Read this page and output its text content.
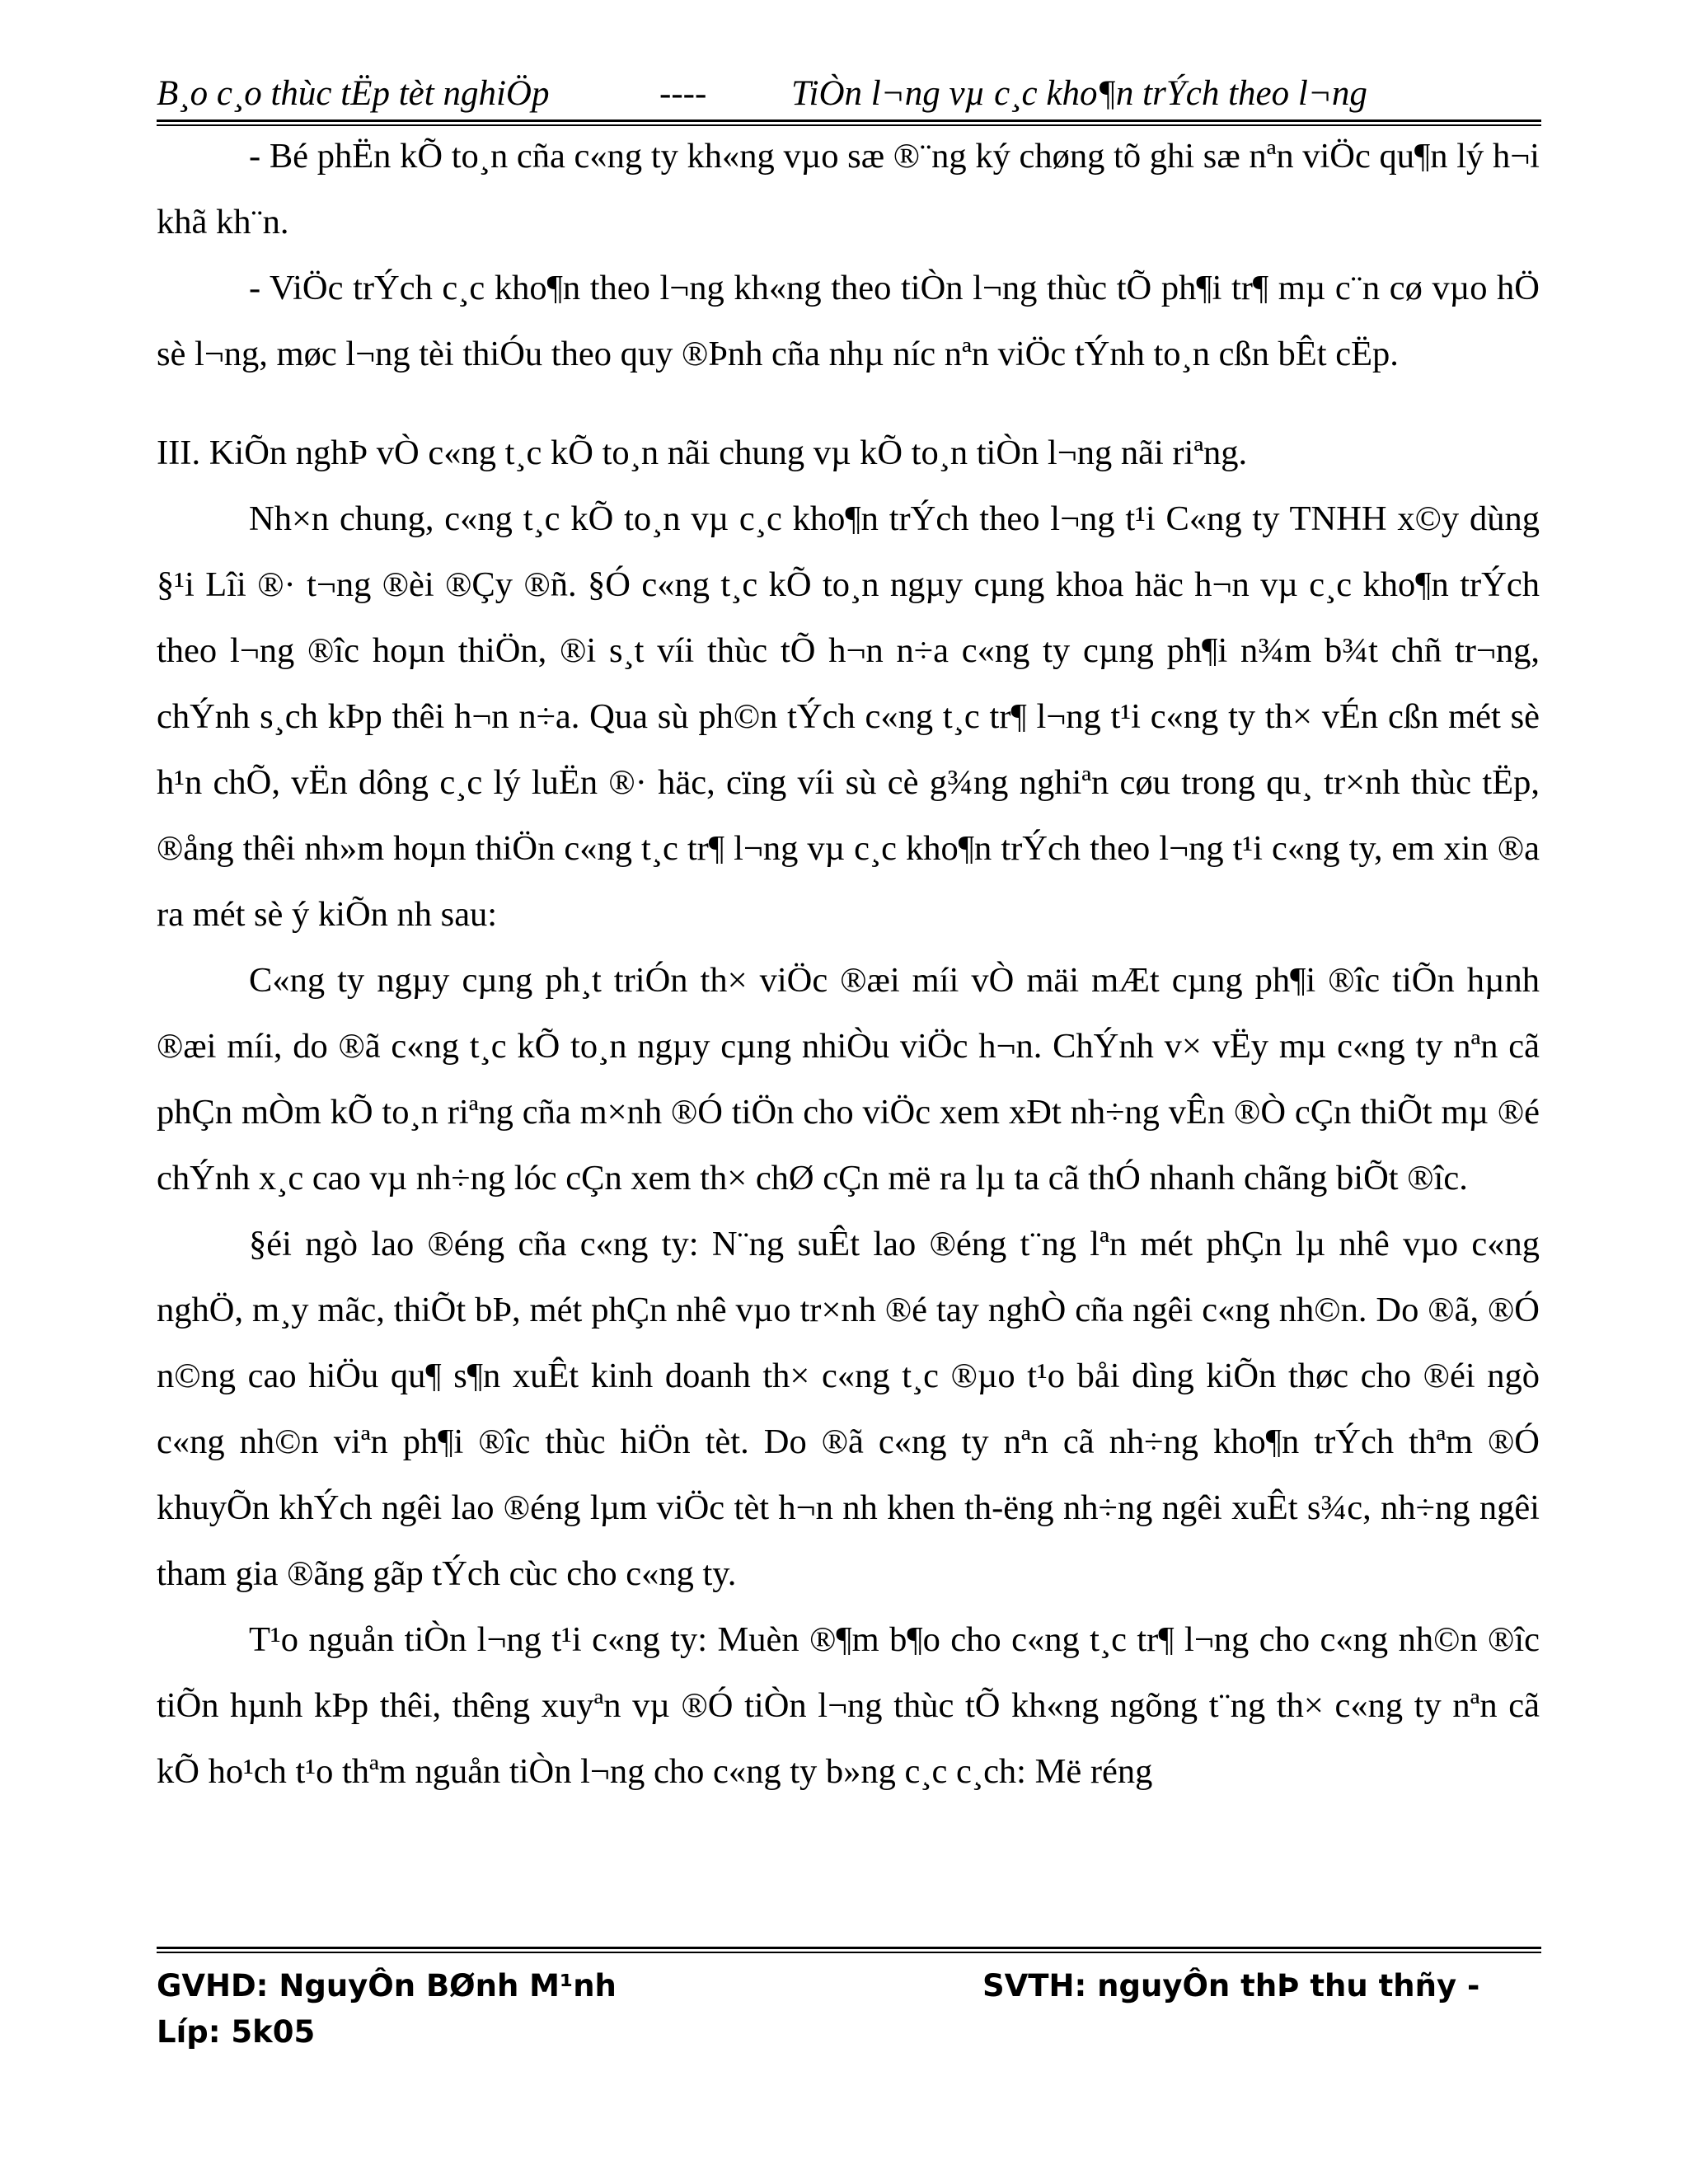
B¸o c¸o thùc tËp tèt nghiÖp	---- TiÒn l¬ng vµ c¸c kho¶n trÝch theo l¬ng

- Bé phËn kÕ to¸n cña c«ng ty kh«ng vµo sæ ®¨ng ký chøng tõ ghi sæ nªn viÖc qu¶n lý h¬i khã kh¨n.

- ViÖc trÝch c¸c kho¶n theo l¬ng kh«ng theo tiÒn l¬ng thùc tÕ ph¶i tr¶ mµ c¨n cø vµo hÖ sè l¬ng, møc l¬ng tèi thiÓu theo quy ®Þnh cña nhµ níc nªn viÖc tÝnh to¸n cßn bÊt cËp.

III. KiÕn nghÞ vÒ c«ng t¸c kÕ to¸n nãi chung vµ kÕ to¸n tiÒn l¬ng nãi riªng.

Nh×n chung, c«ng t¸c kÕ to¸n vµ c¸c kho¶n trÝch theo l¬ng t¹i C«ng ty TNHH x©y dùng §¹i Lîi ®· t¬ng ®èi ®Çy ®ñ. §Ó c«ng t¸c kÕ to¸n ngµy cµng khoa häc h¬n vµ c¸c kho¶n trÝch theo l¬ng ®îc hoµn thiÖn, ®i s¸t víi thùc tÕ h¬n n÷a c«ng ty cµng ph¶i n¾m b¾t chñ tr¬ng, chÝnh s¸ch kÞp thêi h¬n n÷a. Qua sù ph©n tÝch c«ng t¸c tr¶ l¬ng t¹i c«ng ty th× vÉn cßn mét sè h¹n chÕ, vËn dông c¸c lý luËn ®· häc, cïng víi sù cè g¾ng nghiªn cøu trong qu¸ tr×nh thùc tËp, ®ång thêi nh»m hoµn thiÖn c«ng t¸c tr¶ l¬ng vµ c¸c kho¶n trÝch theo l¬ng t¹i c«ng ty, em xin ®a ra mét sè ý kiÕn nh sau:

C«ng ty ngµy cµng ph¸t triÓn th× viÖc ®æi míi vÒ mäi mÆt cµng ph¶i ®îc tiÕn hµnh ®æi míi, do ®ã c«ng t¸c kÕ to¸n ngµy cµng nhiÒu viÖc h¬n. ChÝnh v× vËy mµ c«ng ty nªn cã phÇn mÒm kÕ to¸n riªng cña m×nh ®Ó tiÖn cho viÖc xem xÐt nh÷ng vÊn ®Ò cÇn thiÕt mµ ®é chÝnh x¸c cao vµ nh÷ng lóc cÇn xem th× chØ cÇn më ra lµ ta cã thÓ nhanh chãng biÕt ®îc.

§éi ngò lao ®éng cña c«ng ty: N¨ng suÊt lao ®éng t¨ng lªn mét phÇn lµ nhê vµo c«ng nghÖ, m¸y mãc, thiÕt bÞ, mét phÇn nhê vµo tr×nh ®é tay nghÒ cña ngêi c«ng nh©n. Do ®ã, ®Ó n©ng cao hiÖu qu¶ s¶n xuÊt kinh doanh th× c«ng t¸c ®µo t¹o båi dìng kiÕn thøc cho ®éi ngò c«ng nh©n viªn ph¶i ®îc thùc hiÖn tèt. Do ®ã c«ng ty nªn cã nh÷ng kho¶n trÝch thªm ®Ó khuyÕn khÝch ngêi lao ®éng lµm viÖc tèt h¬n nh khen th-ëng nh÷ng ngêi xuÊt s¾c, nh÷ng ngêi tham gia ®ãng gãp tÝch cùc cho c«ng ty.

T¹o nguån tiÒn l¬ng t¹i c«ng ty: Muèn ®¶m b¶o cho c«ng t¸c tr¶ l¬ng cho c«ng nh©n ®îc tiÕn hµnh kÞp thêi, thêng xuyªn vµ ®Ó tiÒn l¬ng thùc tÕ kh«ng ngõng t¨ng th× c«ng ty nªn cã kÕ ho¹ch t¹o thªm nguån tiÒn l¬ng cho c«ng ty b»ng c¸c c¸ch: Më réng

GVHD: NguyÔn BØnh M¹nh	SVTH: nguyÔn thÞ thu thñy -
Líp: 5k05
